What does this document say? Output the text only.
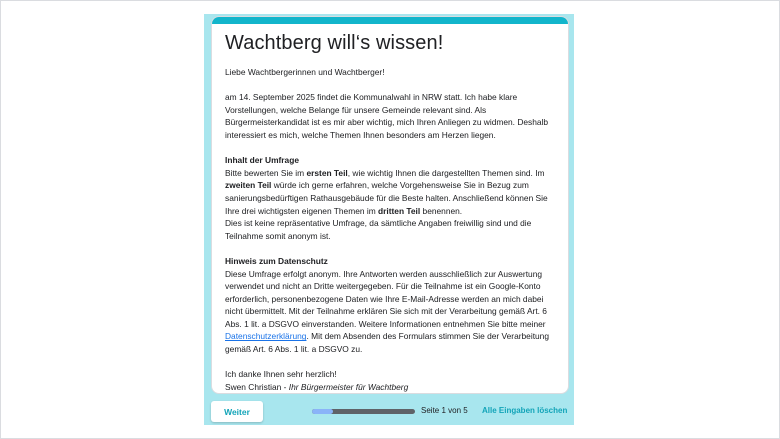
Wachtberg will‘s wissen!

Liebe Wachtbergerinnen und Wachtberger!

am 14. September 2025 findet die Kommunalwahl in NRW statt. Ich habe klare Vorstellungen, welche Belange für unsere Gemeinde relevant sind. Als Bürgermeisterkandidat ist es mir aber wichtig, mich Ihren Anliegen zu widmen. Deshalb interessiert es mich, welche Themen Ihnen besonders am Herzen liegen.

Inhalt der Umfrage

Bitte bewerten Sie im ersten Teil, wie wichtig Ihnen die dargestellten Themen sind. Im zweiten Teil würde ich gerne erfahren, welche Vorgehensweise Sie in Bezug zum sanierungsbedürftigen Rathausgebäude für die Beste halten. Anschließend können Sie Ihre drei wichtigsten eigenen Themen im dritten Teil benennen.

Dies ist keine repräsentative Umfrage, da sämtliche Angaben freiwillig sind und die Teilnahme somit anonym ist.

Hinweis zum Datenschutz

Diese Umfrage erfolgt anonym. Ihre Antworten werden ausschließlich zur Auswertung verwendet und nicht an Dritte weitergegeben. Für die Teilnahme ist ein Google-Konto erforderlich, personenbezogene Daten wie Ihre E-Mail-Adresse werden an mich dabei nicht übermittelt. Mit der Teilnahme erklären Sie sich mit der Verarbeitung gemäß Art. 6 Abs. 1 lit. a DSGVO einverstanden. Weitere Informationen entnehmen Sie bitte meiner Datenschutzerklärung. Mit dem Absenden des Formulars stimmen Sie der Verarbeitung gemäß Art. 6 Abs. 1 lit. a DSGVO zu.

Ich danke Ihnen sehr herzlich!

Swen Christian - Ihr Bürgermeister für Wachtberg

Weiter	Seite 1 von 5 Alle Eingaben löschen
